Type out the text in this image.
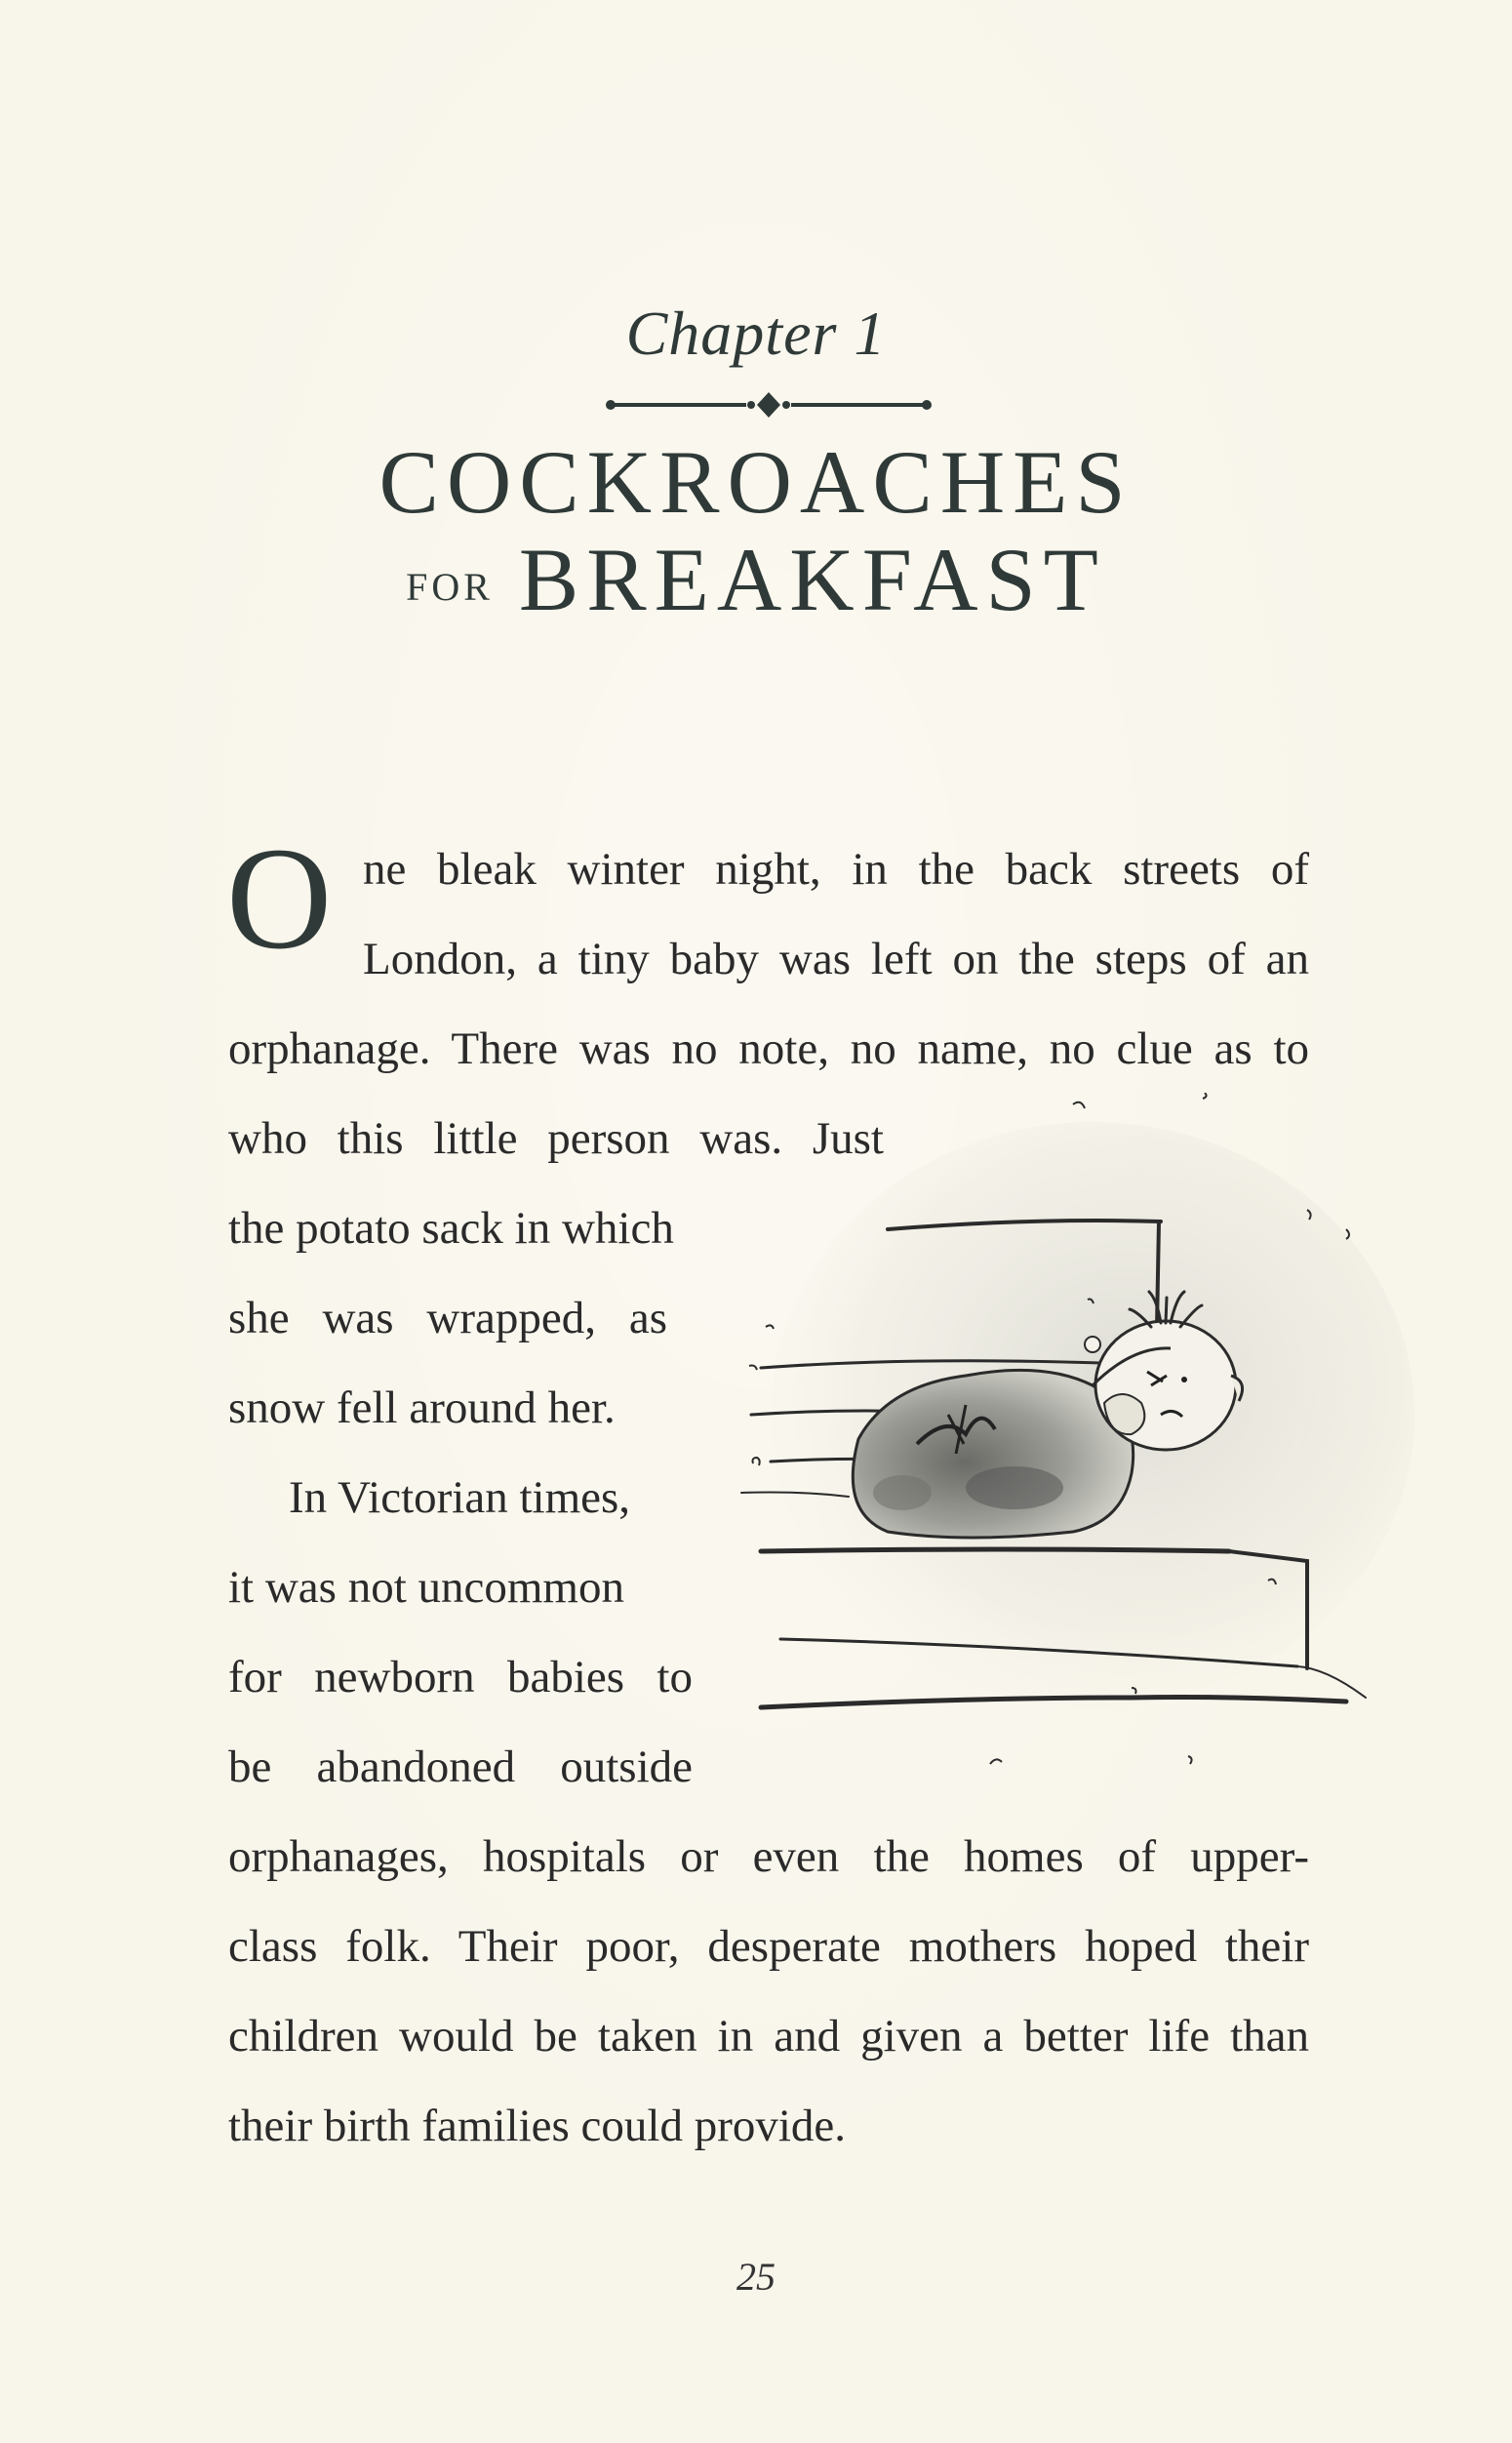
Chapter 1
COCKROACHES
FOR BREAKFAST
O ne bleak winter night, in the back streets of
London, a tiny baby was left on the steps of an
orphanage. There was no note, no name, no clue as to
who this little person was. Just
the potato sack in which
she was wrapped, as
snow fell around her.
In Victorian times,
it was not uncommon
for newborn babies to
be abandoned outside
orphanages, hospitals or even the homes of upper-
class folk. Their poor, desperate mothers hoped their
children would be taken in and given a better life than
their birth families could provide.
25
